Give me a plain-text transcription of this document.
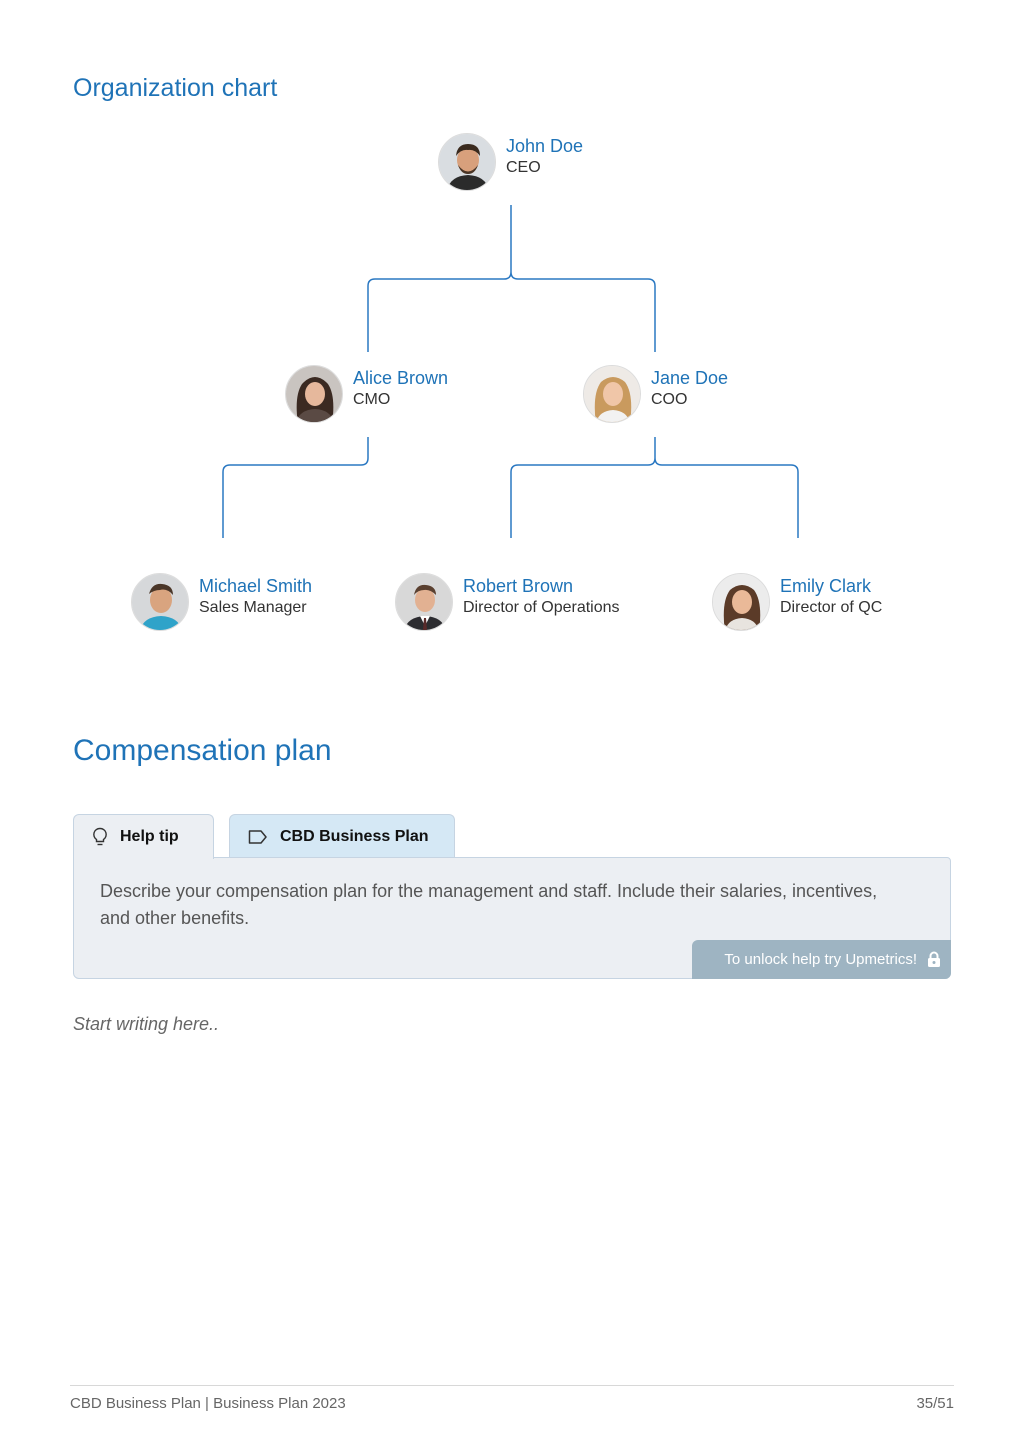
Organization chart
John Doe
CEO
Alice Brown
CMO
Jane Doe
COO
Michael Smith
Sales Manager
Robert Brown
Director of Operations
Emily Clark
Director of QC
Compensation plan
Help tip	CBD Business Plan

Describe your compensation plan for the management and staff. Include their salaries, incentives, and other benefits.

To unlock help try Upmetrics!
Start writing here..
CBD Business Plan | Business Plan 2023	35/51
